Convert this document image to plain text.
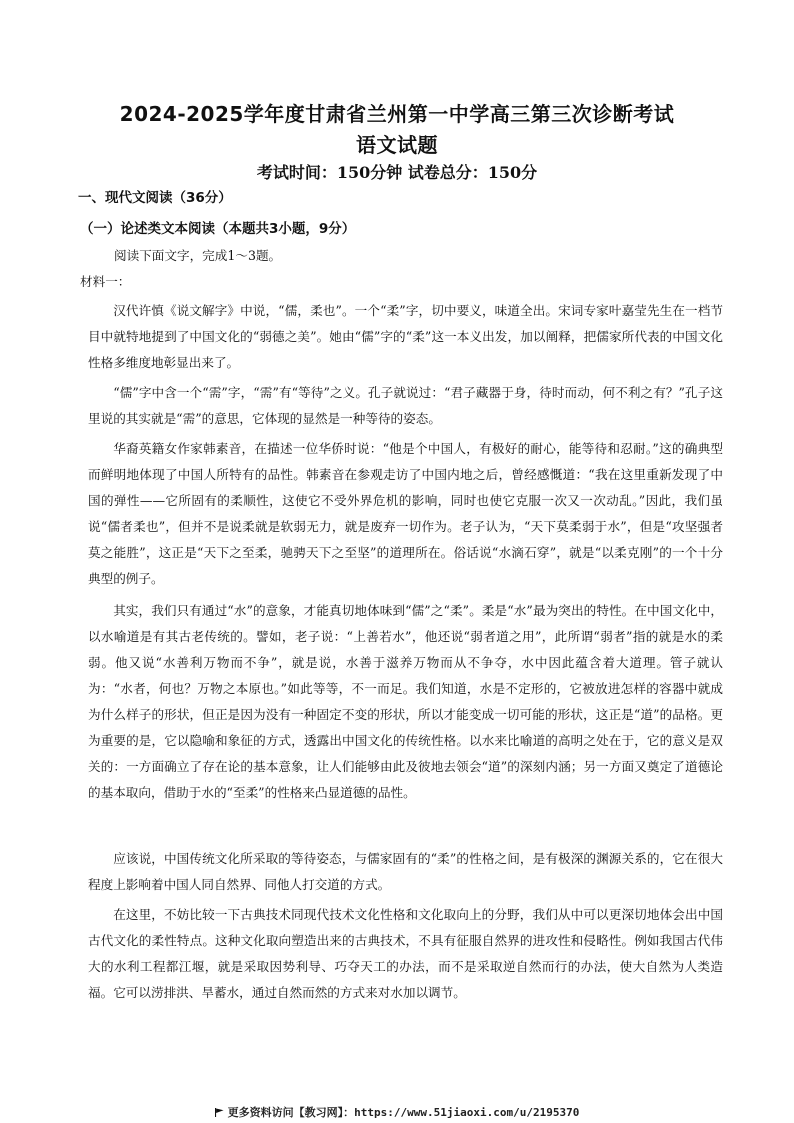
2024-2025学年度甘肃省兰州第一中学高三第三次诊断考试
语文试题
考试时间：150分钟 试卷总分：150分
一、现代文阅读（36分）
（一）论述类文本阅读（本题共3小题，9分）
阅读下面文字，完成1～3题。
材料一：
汉代许慎《说文解字》中说，“儒，柔也”。一个“柔”字，切中要义，味道全出。宋词专家叶嘉莹先生在一档节目中就特地提到了中国文化的“弱德之美”。她由“儒”字的“柔”这一本义出发，加以阐释，把儒家所代表的中国文化性格多维度地彰显出来了。
“儒”字中含一个“需”字，“需”有“等待”之义。孔子就说过：“君子藏器于身，待时而动，何不利之有？”孔子这里说的其实就是“需”的意思，它体现的显然是一种等待的姿态。
华裔英籍女作家韩素音，在描述一位华侨时说：“他是个中国人，有极好的耐心，能等待和忍耐。”这的确典型而鲜明地体现了中国人所特有的品性。韩素音在参观走访了中国内地之后，曾经感慨道：“我在这里重新发现了中国的弹性——它所固有的柔顺性，这使它不受外界危机的影响，同时也使它克服一次又一次动乱。”因此，我们虽说“儒者柔也”，但并不是说柔就是软弱无力，就是废弃一切作为。老子认为，“天下莫柔弱于水”，但是“攻坚强者莫之能胜”，这正是“天下之至柔，驰骋天下之至坚”的道理所在。俗话说“水滴石穿”，就是“以柔克刚”的一个十分典型的例子。
其实，我们只有通过“水”的意象，才能真切地体味到“儒”之“柔”。柔是“水”最为突出的特性。在中国文化中，以水喻道是有其古老传统的。譬如，老子说：“上善若水”，他还说“弱者道之用”，此所谓“弱者”指的就是水的柔弱。他又说“水善利万物而不争”，就是说，水善于滋养万物而从不争夺，水中因此蕴含着大道理。管子就认为：“水者，何也？万物之本原也。”如此等等，不一而足。我们知道，水是不定形的，它被放进怎样的容器中就成为什么样子的形状，但正是因为没有一种固定不变的形状，所以才能变成一切可能的形状，这正是“道”的品格。更为重要的是，它以隐喻和象征的方式，透露出中国文化的传统性格。以水来比喻道的高明之处在于，它的意义是双关的：一方面确立了存在论的基本意象，让人们能够由此及彼地去领会“道”的深刻内涵；另一方面又奠定了道德论的基本取向，借助于水的“至柔”的性格来凸显道德的品性。
应该说，中国传统文化所采取的等待姿态，与儒家固有的“柔”的性格之间，是有极深的渊源关系的，它在很大程度上影响着中国人同自然界、同他人打交道的方式。
在这里，不妨比较一下古典技术同现代技术文化性格和文化取向上的分野，我们从中可以更深切地体会出中国古代文化的柔性特点。这种文化取向塑造出来的古典技术，不具有征服自然界的进攻性和侵略性。例如我国古代伟大的水利工程都江堰，就是采取因势利导、巧夺天工的办法，而不是采取逆自然而行的办法，使大自然为人类造福。它可以涝排洪、旱蓄水，通过自然而然的方式来对水加以调节。
更多资料访问【教习网】：https://www.51jiaoxi.com/u/2195370
